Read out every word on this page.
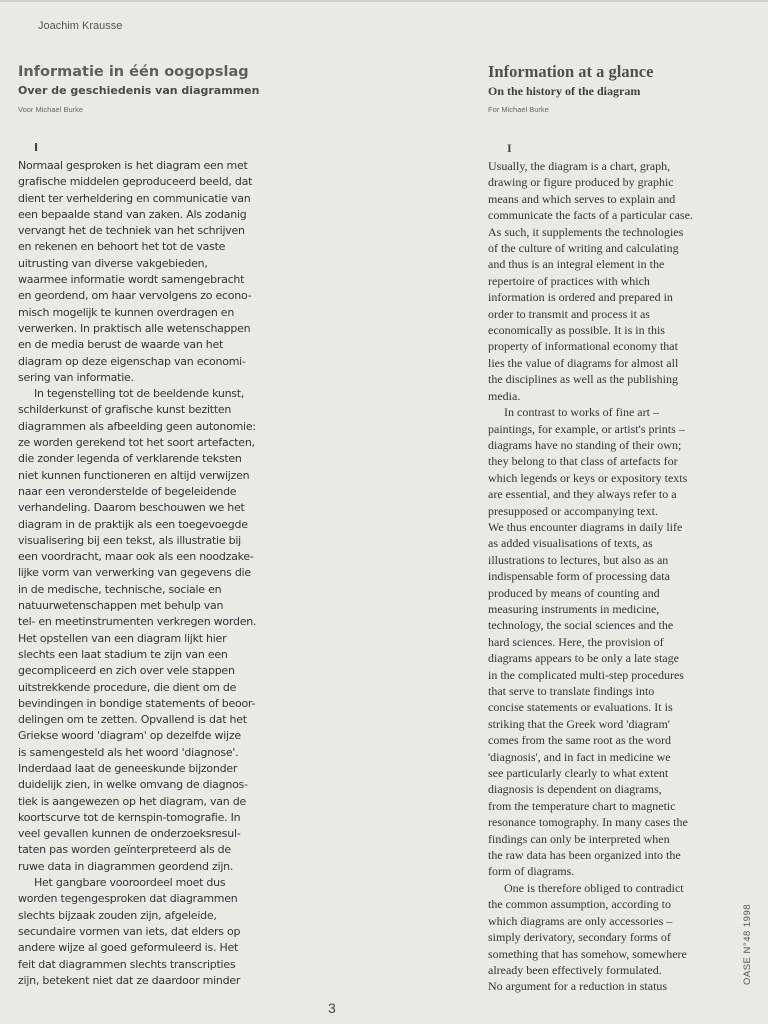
Joachim Krausse
Informatie in één oogopslag
Over de geschiedenis van diagrammen
Voor Michael Burke
I
Normaal gesproken is het diagram een met
grafische middelen geproduceerd beeld, dat
dient ter verheldering en communicatie van
een bepaalde stand van zaken. Als zodanig
vervangt het de techniek van het schrijven
en rekenen en behoort het tot de vaste
uitrusting van diverse vakgebieden,
waarmee informatie wordt samengebracht
en geordend, om haar vervolgens zo econo-
misch mogelijk te kunnen overdragen en
verwerken. In praktisch alle wetenschappen
en de media berust de waarde van het
diagram op deze eigenschap van economi-
sering van informatie.
In tegenstelling tot de beeldende kunst,
schilderkunst of grafische kunst bezitten
diagrammen als afbeelding geen autonomie:
ze worden gerekend tot het soort artefacten,
die zonder legenda of verklarende teksten
niet kunnen functioneren en altijd verwijzen
naar een veronderstelde of begeleidende
verhandeling. Daarom beschouwen we het
diagram in de praktijk als een toegevoegde
visualisering bij een tekst, als illustratie bij
een voordracht, maar ook als een noodzake-
lijke vorm van verwerking van gegevens die
in de medische, technische, sociale en
natuurwetenschappen met behulp van
tel- en meetinstrumenten verkregen worden.
Het opstellen van een diagram lijkt hier
slechts een laat stadium te zijn van een
gecompliceerd en zich over vele stappen
uitstrekkende procedure, die dient om de
bevindingen in bondige statements of beoor-
delingen om te zetten. Opvallend is dat het
Griekse woord 'diagram' op dezelfde wijze
is samengesteld als het woord 'diagnose'.
Inderdaad laat de geneeskunde bijzonder
duidelijk zien, in welke omvang de diagnos-
tiek is aangewezen op het diagram, van de
koortscurve tot de kernspin-tomografie. In
veel gevallen kunnen de onderzoeksresul-
taten pas worden geïnterpreteerd als de
ruwe data in diagrammen geordend zijn.
Het gangbare vooroordeel moet dus
worden tegengesproken dat diagrammen
slechts bijzaak zouden zijn, afgeleide,
secundaire vormen van iets, dat elders op
andere wijze al goed geformuleerd is. Het
feit dat diagrammen slechts transcripties
zijn, betekent niet dat ze daardoor minder
Information at a glance
On the history of the diagram
For Michael Burke
I
Usually, the diagram is a chart, graph,
drawing or figure produced by graphic
means and which serves to explain and
communicate the facts of a particular case.
As such, it supplements the technologies
of the culture of writing and calculating
and thus is an integral element in the
repertoire of practices with which
information is ordered and prepared in
order to transmit and process it as
economically as possible. It is in this
property of informational economy that
lies the value of diagrams for almost all
the disciplines as well as the publishing
media.
In contrast to works of fine art –
paintings, for example, or artist's prints –
diagrams have no standing of their own;
they belong to that class of artefacts for
which legends or keys or expository texts
are essential, and they always refer to a
presupposed or accompanying text.
We thus encounter diagrams in daily life
as added visualisations of texts, as
illustrations to lectures, but also as an
indispensable form of processing data
produced by means of counting and
measuring instruments in medicine,
technology, the social sciences and the
hard sciences. Here, the provision of
diagrams appears to be only a late stage
in the complicated multi-step procedures
that serve to translate findings into
concise statements or evaluations. It is
striking that the Greek word 'diagram'
comes from the same root as the word
'diagnosis', and in fact in medicine we
see particularly clearly to what extent
diagnosis is dependent on diagrams,
from the temperature chart to magnetic
resonance tomography. In many cases the
findings can only be interpreted when
the raw data has been organized into the
form of diagrams.
One is therefore obliged to contradict
the common assumption, according to
which diagrams are only accessories –
simply derivatory, secondary forms of
something that has somehow, somewhere
already been effectively formulated.
No argument for a reduction in status
3
OASE N°48 1998
